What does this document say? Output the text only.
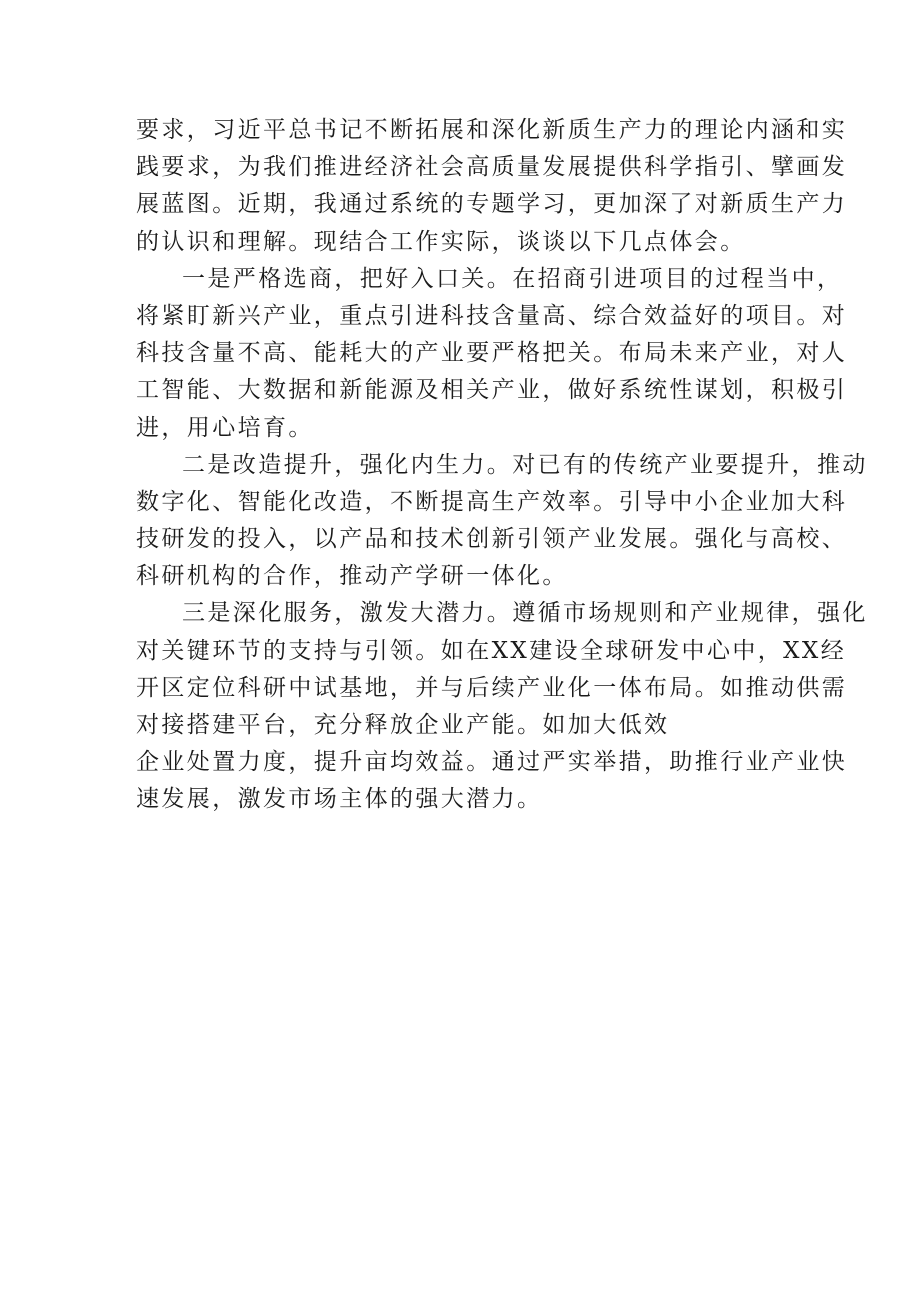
要求，习近平总书记不断拓展和深化新质生产力的理论内涵和实
践要求，为我们推进经济社会高质量发展提供科学指引、擘画发
展蓝图。近期，我通过系统的专题学习，更加深了对新质生产力
的认识和理解。现结合工作实际，谈谈以下几点体会。
一是严格选商，把好入口关。在招商引进项目的过程当中，
将紧盯新兴产业，重点引进科技含量高、综合效益好的项目。对
科技含量不高、能耗大的产业要严格把关。布局未来产业，对人
工智能、大数据和新能源及相关产业，做好系统性谋划，积极引
进，用心培育。
二是改造提升，强化内生力。对已有的传统产业要提升，推动
数字化、智能化改造，不断提高生产效率。引导中小企业加大科
技研发的投入，以产品和技术创新引领产业发展。强化与高校、
科研机构的合作，推动产学研一体化。
三是深化服务，激发大潜力。遵循市场规则和产业规律，强化
对关键环节的支持与引领。如在XX建设全球研发中心中，XX经
开区定位科研中试基地，并与后续产业化一体布局。如推动供需
对接搭建平台，充分释放企业产能。如加大低效
企业处置力度，提升亩均效益。通过严实举措，助推行业产业快
速发展，激发市场主体的强大潜力。
